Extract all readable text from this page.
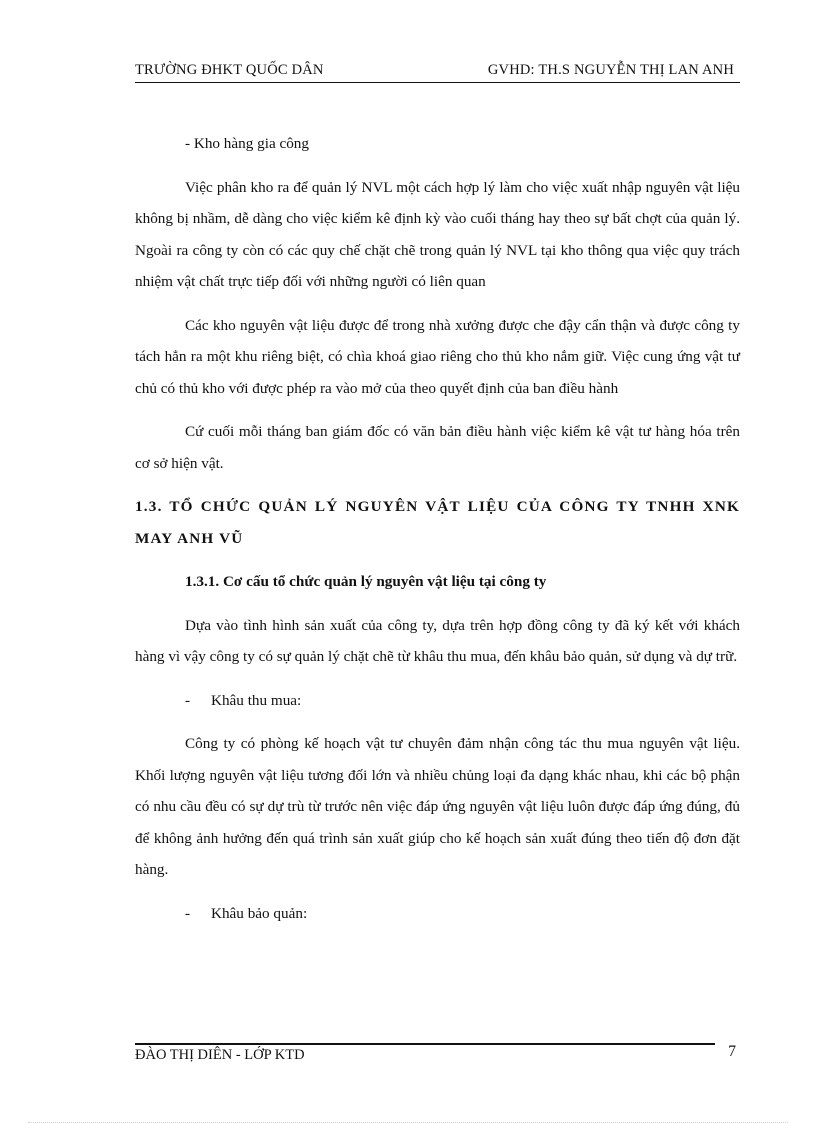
TRƯỜNG ĐHKT QUỐC DÂN	GVHD: TH.S NGUYỄN THỊ LAN ANH

- Kho hàng gia công

Việc phân kho ra để quản lý NVL một cách hợp lý làm cho việc xuất nhập nguyên vật liệu không bị nhầm, dễ dàng cho việc kiểm kê định kỳ vào cuối tháng hay theo sự bất chợt của quản lý. Ngoài ra công ty còn có các quy chế chặt chẽ trong quản lý NVL tại kho thông qua việc quy trách nhiệm vật chất trực tiếp đối với những người có liên quan

Các kho nguyên vật liệu được để trong nhà xưởng được che đậy cẩn thận và được công ty tách hẳn ra một khu riêng biệt, có chìa khoá giao riêng cho thủ kho nắm giữ. Việc cung ứng vật tư chủ có thủ kho với được phép ra vào mở của theo quyết định của ban điều hành

Cứ cuối mỗi tháng ban giám đốc có văn bản điều hành việc kiểm kê vật tư hàng hóa trên cơ sở hiện vật.

1.3. TỔ CHỨC QUẢN LÝ NGUYÊN VẬT LIỆU CỦA CÔNG TY TNHH XNK MAY ANH VŨ

1.3.1. Cơ cấu tổ chức quản lý nguyên vật liệu tại công ty

Dựa vào tình hình sản xuất của công ty, dựa trên hợp đồng công ty đã ký kết với khách hàng vì vậy công ty có sự quản lý chặt chẽ từ khâu thu mua, đến khâu bảo quản, sử dụng và dự trữ.

- Khâu thu mua:

Công ty có phòng kế hoạch vật tư chuyên đảm nhận công tác thu mua nguyên vật liệu. Khối lượng nguyên vật liệu tương đối lớn và nhiều chủng loại đa dạng khác nhau, khi các bộ phận có nhu cầu đều có sự dự trù từ trước nên việc đáp ứng nguyên vật liệu luôn được đáp ứng đúng, đủ để không ảnh hưởng đến quá trình sản xuất giúp cho kế hoạch sản xuất đúng theo tiến độ đơn đặt hàng.

- Khâu bảo quản:

ĐÀO THỊ DIÊN - LỚP KTD	7
